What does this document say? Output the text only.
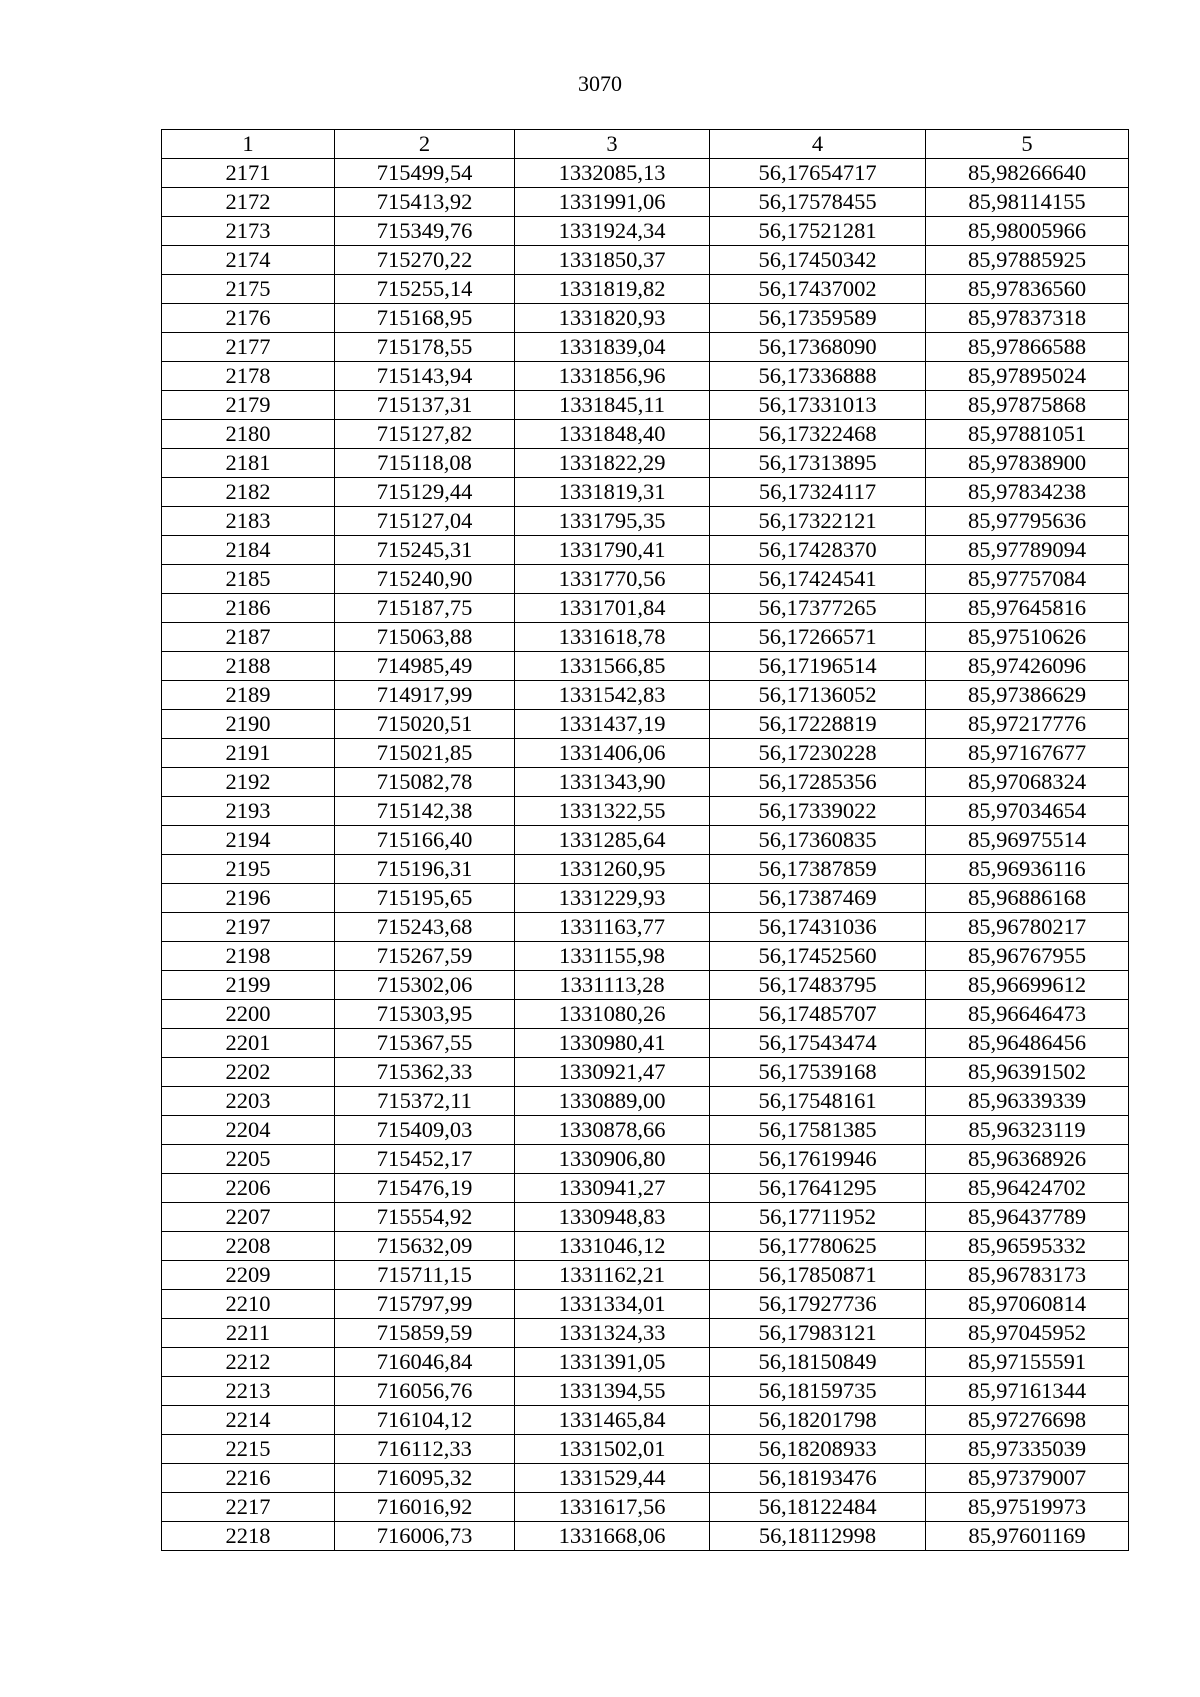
3070
1	2	3	4	5
2171	715499,54	1332085,13	56,17654717	85,98266640
2172	715413,92	1331991,06	56,17578455	85,98114155
2173	715349,76	1331924,34	56,17521281	85,98005966
2174	715270,22	1331850,37	56,17450342	85,97885925
2175	715255,14	1331819,82	56,17437002	85,97836560
2176	715168,95	1331820,93	56,17359589	85,97837318
2177	715178,55	1331839,04	56,17368090	85,97866588
2178	715143,94	1331856,96	56,17336888	85,97895024
2179	715137,31	1331845,11	56,17331013	85,97875868
2180	715127,82	1331848,40	56,17322468	85,97881051
2181	715118,08	1331822,29	56,17313895	85,97838900
2182	715129,44	1331819,31	56,17324117	85,97834238
2183	715127,04	1331795,35	56,17322121	85,97795636
2184	715245,31	1331790,41	56,17428370	85,97789094
2185	715240,90	1331770,56	56,17424541	85,97757084
2186	715187,75	1331701,84	56,17377265	85,97645816
2187	715063,88	1331618,78	56,17266571	85,97510626
2188	714985,49	1331566,85	56,17196514	85,97426096
2189	714917,99	1331542,83	56,17136052	85,97386629
2190	715020,51	1331437,19	56,17228819	85,97217776
2191	715021,85	1331406,06	56,17230228	85,97167677
2192	715082,78	1331343,90	56,17285356	85,97068324
2193	715142,38	1331322,55	56,17339022	85,97034654
2194	715166,40	1331285,64	56,17360835	85,96975514
2195	715196,31	1331260,95	56,17387859	85,96936116
2196	715195,65	1331229,93	56,17387469	85,96886168
2197	715243,68	1331163,77	56,17431036	85,96780217
2198	715267,59	1331155,98	56,17452560	85,96767955
2199	715302,06	1331113,28	56,17483795	85,96699612
2200	715303,95	1331080,26	56,17485707	85,96646473
2201	715367,55	1330980,41	56,17543474	85,96486456
2202	715362,33	1330921,47	56,17539168	85,96391502
2203	715372,11	1330889,00	56,17548161	85,96339339
2204	715409,03	1330878,66	56,17581385	85,96323119
2205	715452,17	1330906,80	56,17619946	85,96368926
2206	715476,19	1330941,27	56,17641295	85,96424702
2207	715554,92	1330948,83	56,17711952	85,96437789
2208	715632,09	1331046,12	56,17780625	85,96595332
2209	715711,15	1331162,21	56,17850871	85,96783173
2210	715797,99	1331334,01	56,17927736	85,97060814
2211	715859,59	1331324,33	56,17983121	85,97045952
2212	716046,84	1331391,05	56,18150849	85,97155591
2213	716056,76	1331394,55	56,18159735	85,97161344
2214	716104,12	1331465,84	56,18201798	85,97276698
2215	716112,33	1331502,01	56,18208933	85,97335039
2216	716095,32	1331529,44	56,18193476	85,97379007
2217	716016,92	1331617,56	56,18122484	85,97519973
2218	716006,73	1331668,06	56,18112998	85,97601169
